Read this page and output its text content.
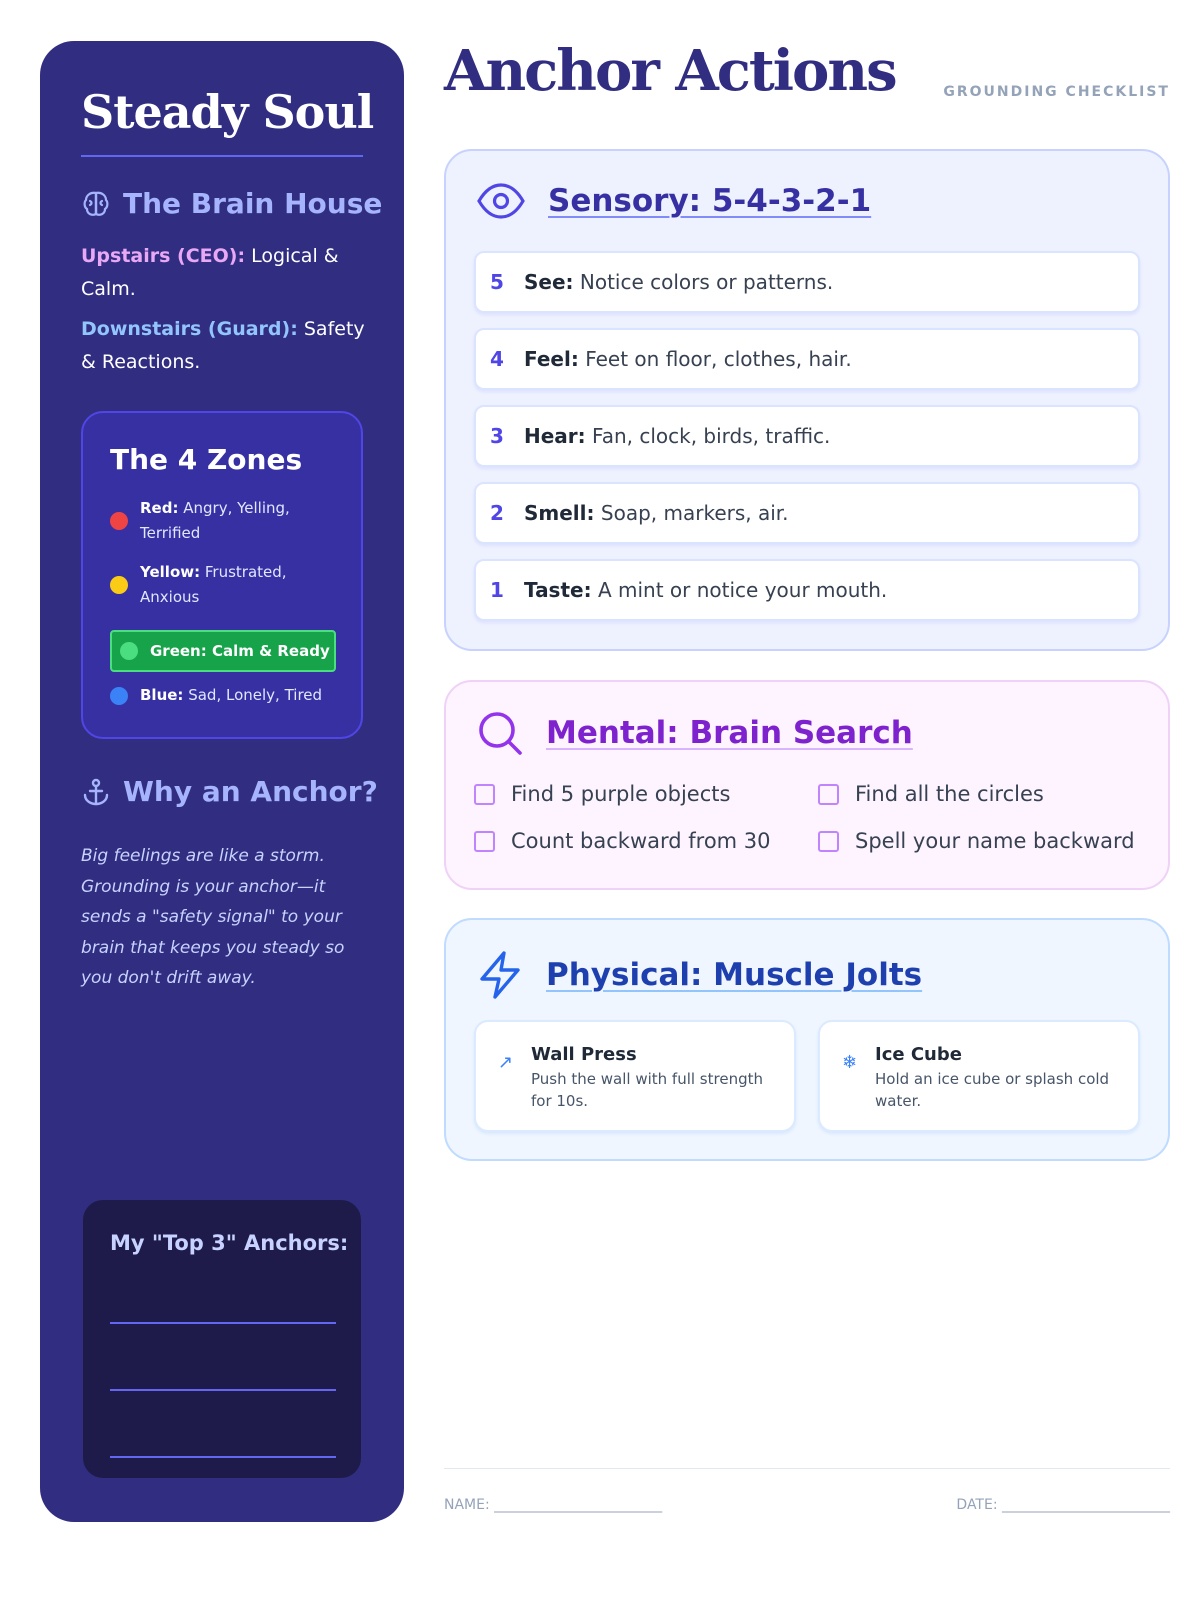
Steady Soul
The Brain House
Upstairs (CEO): Logical & Calm.
Downstairs (Guard): Safety & Reactions.
The 4 Zones
Red: Angry, Yelling, Terrified
Yellow: Frustrated, Anxious
Green: Calm & Ready
Blue: Sad, Lonely, Tired
Why an Anchor?
Big feelings are like a storm. Grounding is your anchor—it sends a "safety signal" to your brain that keeps you steady so you don't drift away.
My "Top 3" Anchors:
Anchor Actions	GROUNDING CHECKLIST
Sensory: 5-4-3-2-1
5 See: Notice colors or patterns.
4 Feel: Feet on floor, clothes, hair.
3 Hear: Fan, clock, birds, traffic.
2 Smell: Soap, markers, air.
1 Taste: A mint or notice your mouth.
Mental: Brain Search
Find 5 purple objects	Find all the circles
Count backward from 30	Spell your name backward
Physical: Muscle Jolts
↗ Wall Press
Push the wall with full strength for 10s.
❄ Ice Cube
Hold an ice cube or splash cold water.
NAME: ________________________	DATE: ________________________
